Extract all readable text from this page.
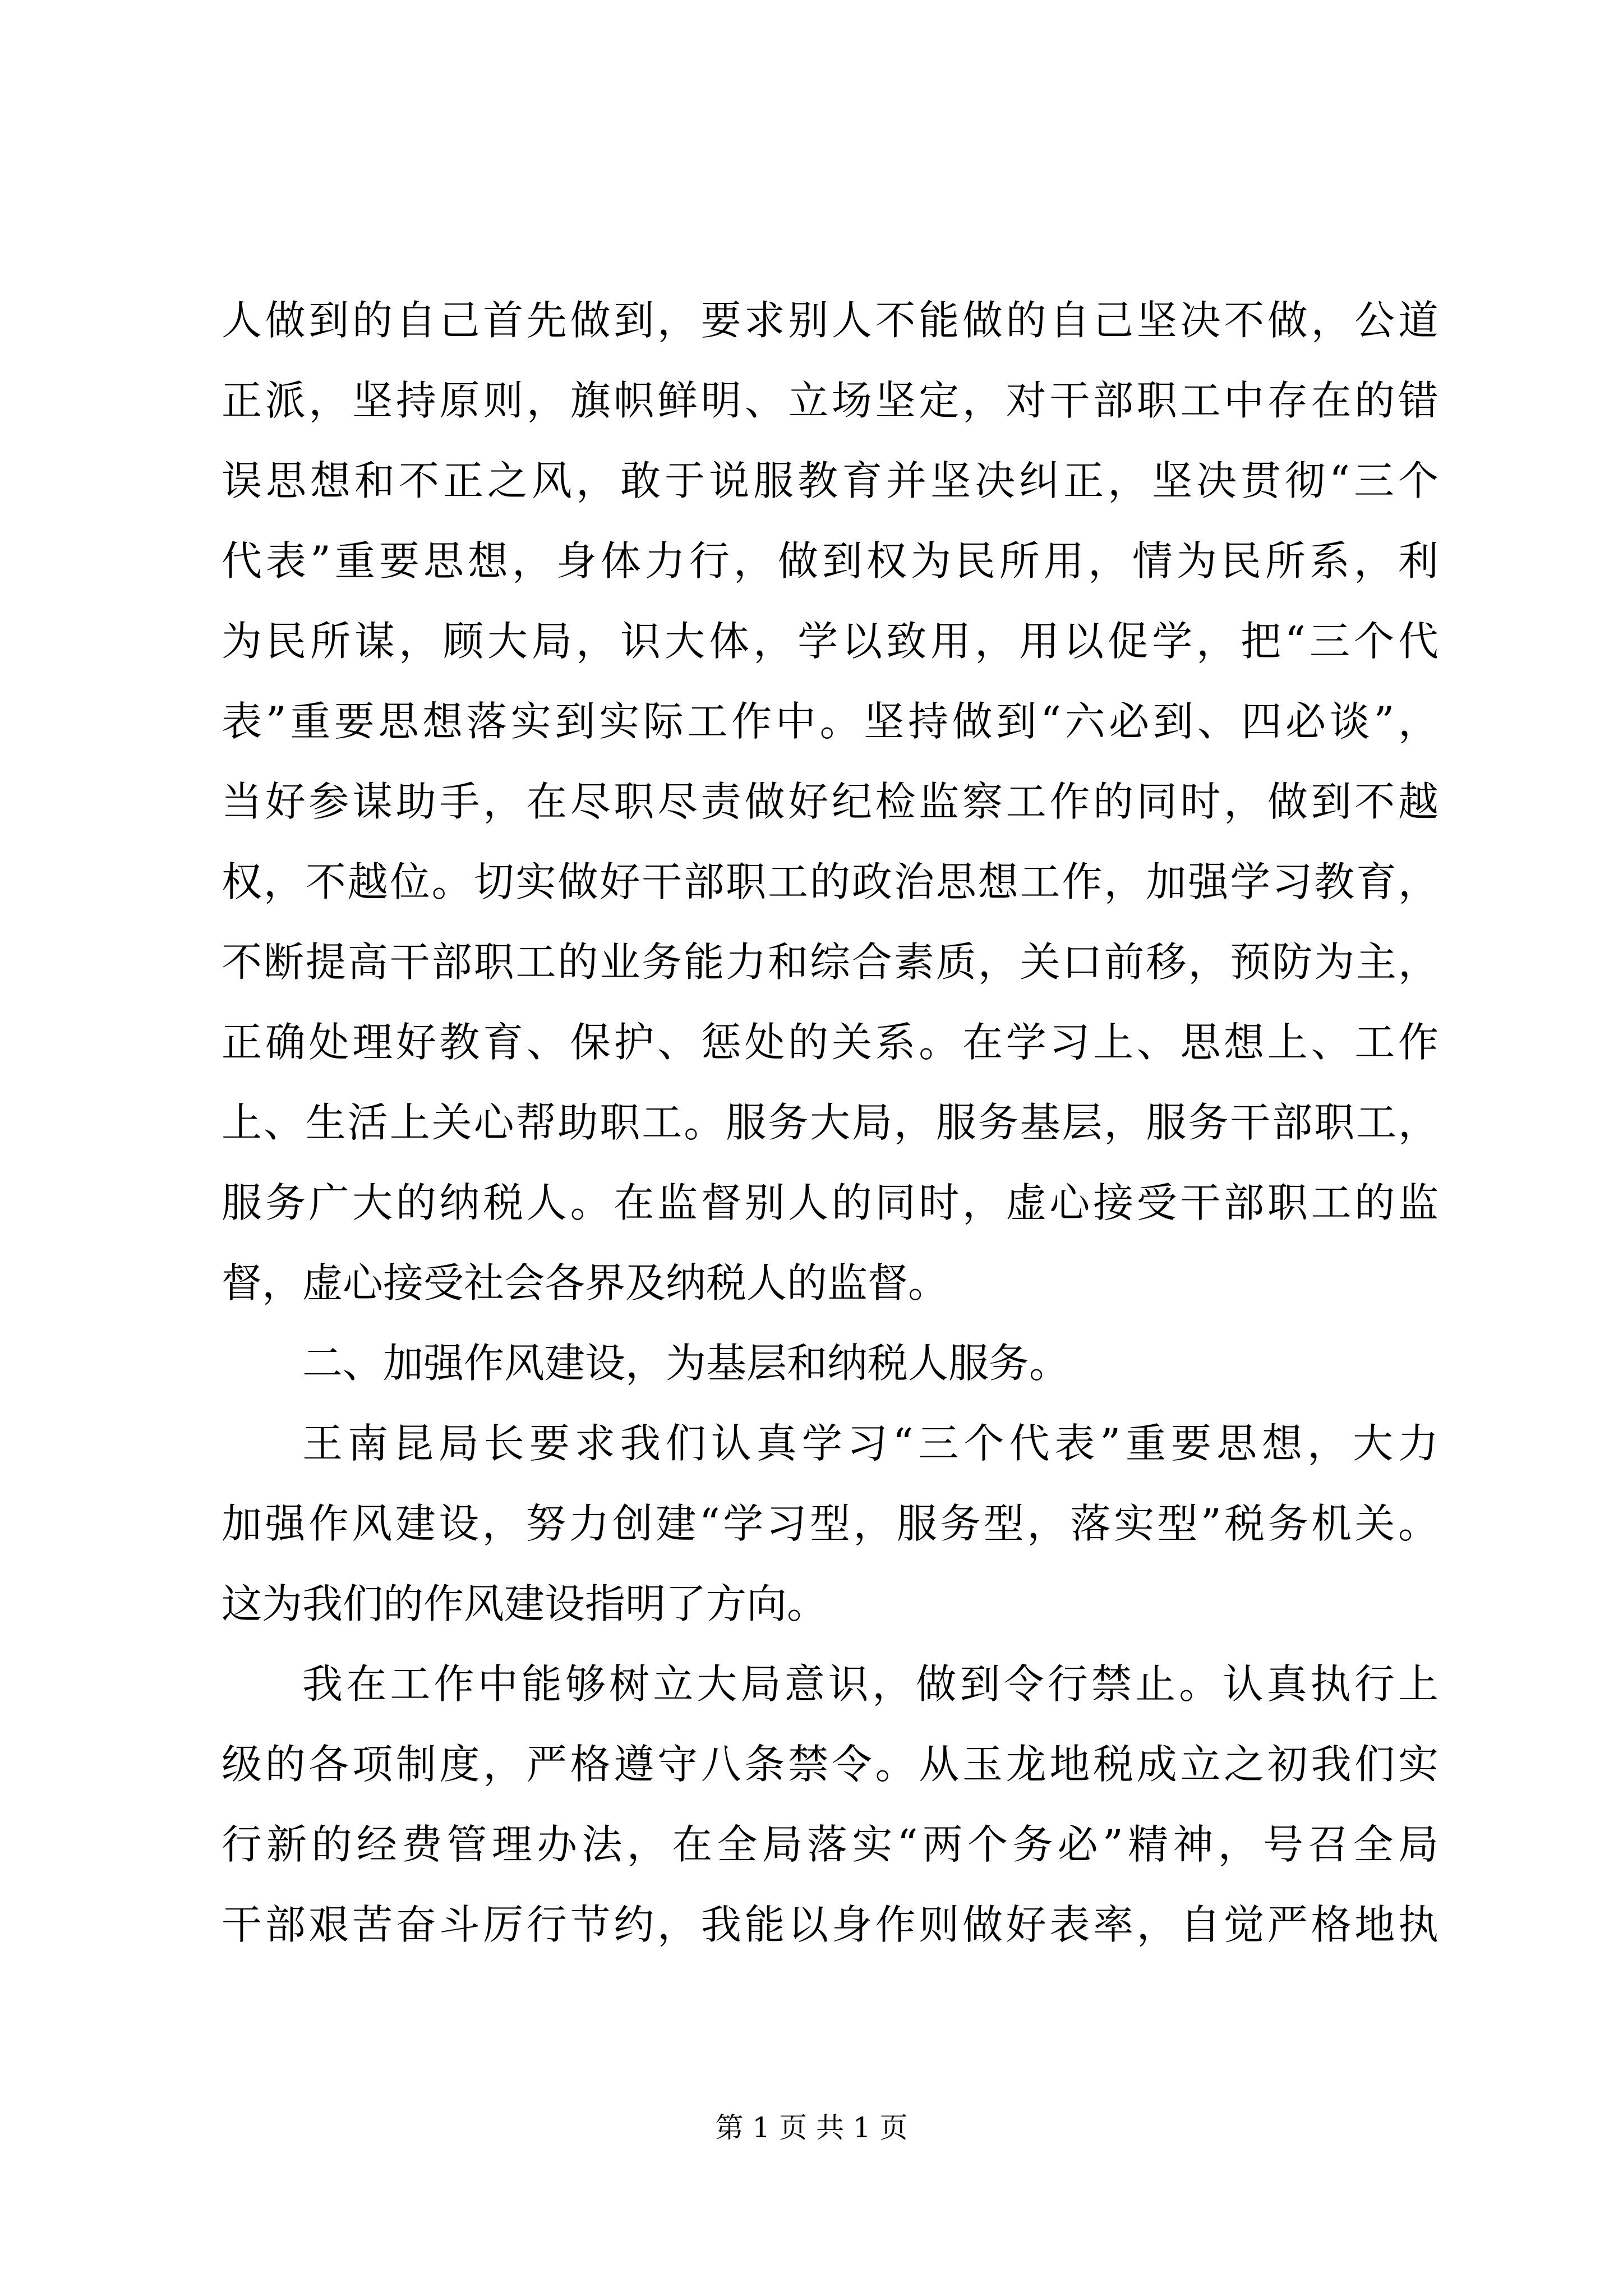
人做到的自己首先做到，要求别人不能做的自己坚决不做，公道
正派，坚持原则，旗帜鲜明、立场坚定，对干部职工中存在的错
误思想和不正之风，敢于说服教育并坚决纠正，坚决贯彻“三个
代表”重要思想，身体力行，做到权为民所用，情为民所系，利
为民所谋，顾大局，识大体，学以致用，用以促学，把“三个代
表”重要思想落实到实际工作中。坚持做到“六必到、四必谈”，
当好参谋助手，在尽职尽责做好纪检监察工作的同时，做到不越
权，不越位。切实做好干部职工的政治思想工作，加强学习教育，
不断提高干部职工的业务能力和综合素质，关口前移，预防为主，
正确处理好教育、保护、惩处的关系。在学习上、思想上、工作
上、生活上关心帮助职工。服务大局，服务基层，服务干部职工，
服务广大的纳税人。在监督别人的同时，虚心接受干部职工的监
督，虚心接受社会各界及纳税人的监督。
二、加强作风建设，为基层和纳税人服务。
王南昆局长要求我们认真学习“三个代表”重要思想，大力
加强作风建设，努力创建“学习型，服务型，落实型”税务机关。
这为我们的作风建设指明了方向。
我在工作中能够树立大局意识，做到令行禁止。认真执行上
级的各项制度，严格遵守八条禁令。从玉龙地税成立之初我们实
行新的经费管理办法，在全局落实“两个务必”精神，号召全局
干部艰苦奋斗厉行节约，我能以身作则做好表率，自觉严格地执
第 1 页 共 1 页
